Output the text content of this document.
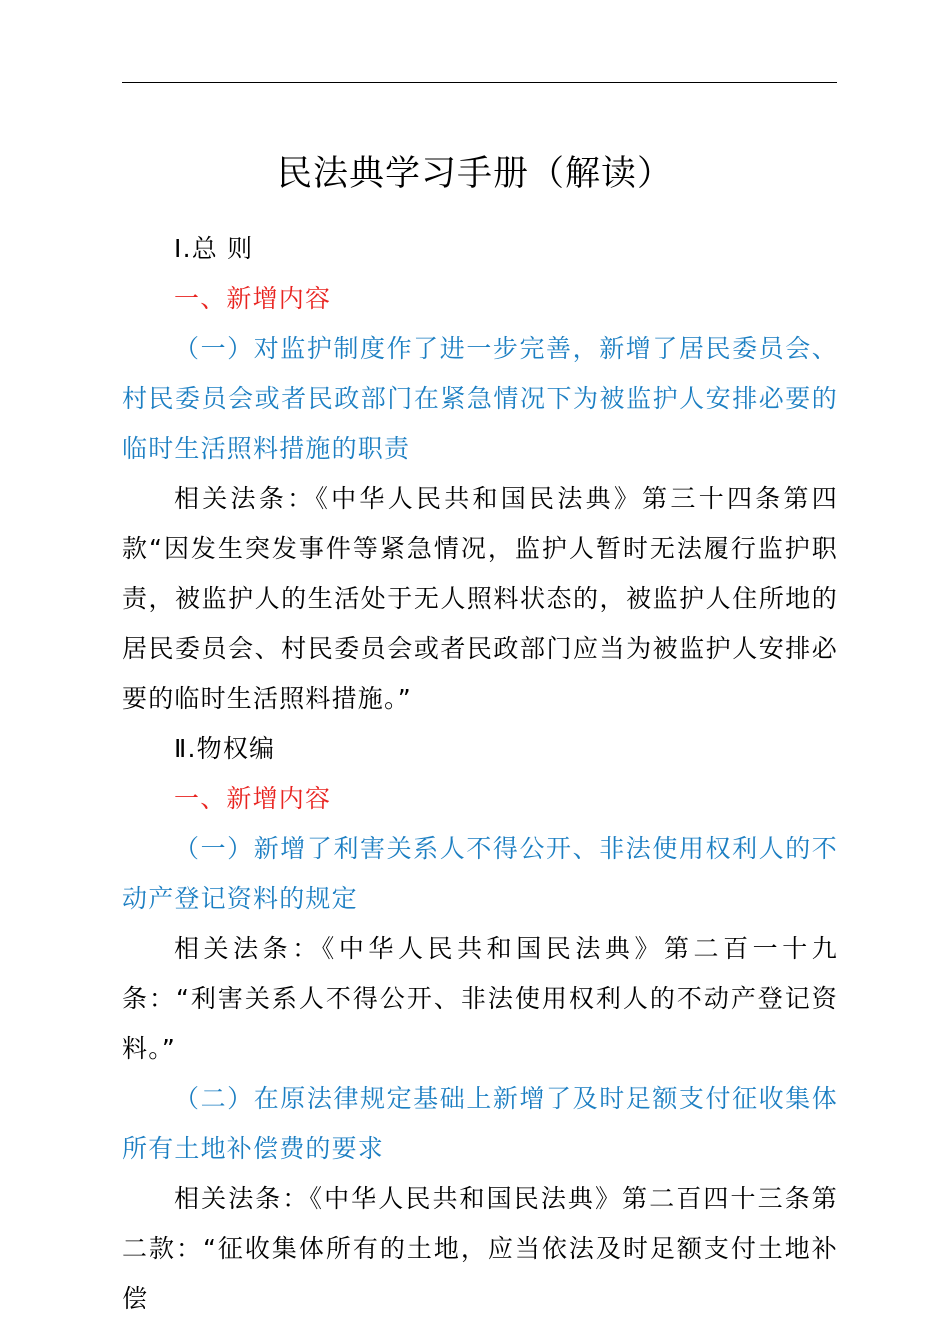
民法典学习手册（解读）

Ⅰ.总 则

一、新增内容

（一）对监护制度作了进一步完善，新增了居民委员会、村民委员会或者民政部门在紧急情况下为被监护人安排必要的临时生活照料措施的职责

相关法条：《中华人民共和国民法典》第三十四条第四款“因发生突发事件等紧急情况，监护人暂时无法履行监护职责，被监护人的生活处于无人照料状态的，被监护人住所地的居民委员会、村民委员会或者民政部门应当为被监护人安排必要的临时生活照料措施。”

Ⅱ.物权编

一、新增内容

（一）新增了利害关系人不得公开、非法使用权利人的不动产登记资料的规定

相关法条：《中华人民共和国民法典》第二百一十九条：“利害关系人不得公开、非法使用权利人的不动产登记资料。”

（二）在原法律规定基础上新增了及时足额支付征收集体所有土地补偿费的要求

相关法条：《中华人民共和国民法典》第二百四十三条第二款：“征收集体所有的土地，应当依法及时足额支付土地补偿
